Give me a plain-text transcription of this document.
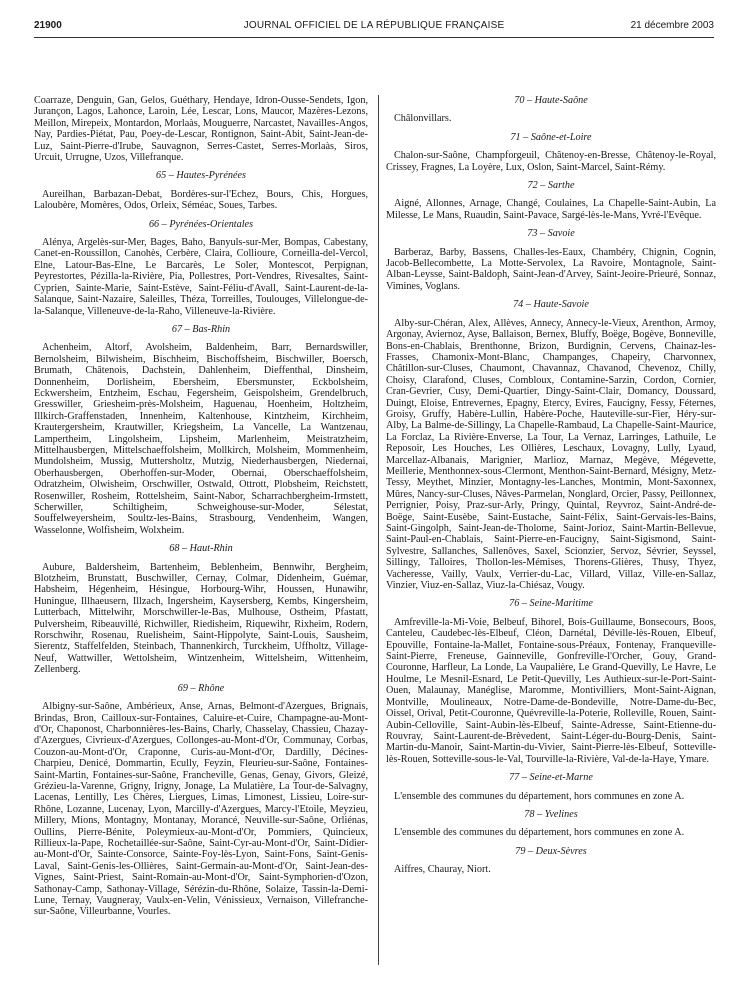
21900	JOURNAL OFFICIEL DE LA RÉPUBLIQUE FRANÇAISE	21 décembre 2003

Coarraze, Denguin, Gan, Gelos, Guéthary, Hendaye, Idron-Ousse-Sendets, Igon, Jurançon, Lagos, Lahonce, Laroin, Lée, Lescar, Lons, Maucor, Mazères-Lezons, Meillon, Mirepeix, Montardon, Morlaàs, Mouguerre, Narcastet, Navailles-Angos, Nay, Pardies-Piétat, Pau, Poey-de-Lescar, Rontignon, Saint-Abit, Saint-Jean-de-Luz, Saint-Pierre-d'Irube, Sauvagnon, Serres-Castet, Serres-Morlaàs, Siros, Urcuit, Urrugne, Uzos, Villefranque.

65 – Hautes-Pyrénées

Aureilhan, Barbazan-Debat, Bordères-sur-l'Echez, Bours, Chis, Horgues, Laloubère, Momères, Odos, Orleix, Séméac, Soues, Tarbes.

66 – Pyrénées-Orientales

Alénya, Argelès-sur-Mer, Bages, Baho, Banyuls-sur-Mer, Bompas, Cabestany, Canet-en-Roussillon, Canohès, Cerbère, Claira, Collioure, Corneilla-del-Vercol, Elne, Latour-Bas-Elne, Le Barcarès, Le Soler, Montescot, Perpignan, Peyrestortes, Pézilla-la-Rivière, Pia, Pollestres, Port-Vendres, Rivesaltes, Saint-Cyprien, Sainte-Marie, Saint-Estève, Saint-Féliu-d'Avall, Saint-Laurent-de-la-Salanque, Saint-Nazaire, Saleilles, Théza, Torreilles, Toulouges, Villelongue-de-la-Salanque, Villeneuve-de-la-Raho, Villeneuve-la-Rivière.

67 – Bas-Rhin

Achenheim, Altorf, Avolsheim, Baldenheim, Barr, Bernardswiller, Bernolsheim, Bilwisheim, Bischheim, Bischoffsheim, Bischwiller, Boersch, Brumath, Châtenois, Dachstein, Dahlenheim, Dieffenthal, Dinsheim, Donnenheim, Dorlisheim, Ebersheim, Ebersmunster, Eckbolsheim, Eckwersheim, Entzheim, Eschau, Fegersheim, Geispolsheim, Grendelbruch, Gresswiller, Griesheim-près-Molsheim, Haguenau, Hoenheim, Holtzheim, Illkirch-Graffenstaden, Innenheim, Kaltenhouse, Kintzheim, Kirchheim, Krautergersheim, Krautwiller, Kriegsheim, La Vancelle, La Wantzenau, Lampertheim, Lingolsheim, Lipsheim, Marlenheim, Meistratzheim, Mittelhausbergen, Mittelschaeffolsheim, Mollkirch, Molsheim, Mommenheim, Mundolsheim, Mussig, Muttersholtz, Mutzig, Niederhausbergen, Niedernai, Oberhausbergen, Oberhoffen-sur-Moder, Obernai, Oberschaeffolsheim, Odratzheim, Olwisheim, Orschwiller, Ostwald, Ottrott, Plobsheim, Reichstett, Rosenwiller, Rosheim, Rottelsheim, Saint-Nabor, Scharrachbergheim-Irmstett, Scherwiller, Schiltigheim, Schweighouse-sur-Moder, Sélestat, Souffelweyersheim, Soultz-les-Bains, Strasbourg, Vendenheim, Wangen, Wasselonne, Wolfisheim, Wolxheim.

68 – Haut-Rhin

Aubure, Baldersheim, Bartenheim, Beblenheim, Bennwihr, Bergheim, Blotzheim, Brunstatt, Buschwiller, Cernay, Colmar, Didenheim, Guémar, Habsheim, Hégenheim, Hésingue, Horbourg-Wihr, Houssen, Hunawihr, Huningue, Illhaeusern, Illzach, Ingersheim, Kaysersberg, Kembs, Kingersheim, Lutterbach, Mittelwihr, Morschwiller-le-Bas, Mulhouse, Ostheim, Pfastatt, Pulversheim, Ribeauvillé, Richwiller, Riedisheim, Riquewihr, Rixheim, Rodern, Rorschwihr, Rosenau, Ruelisheim, Saint-Hippolyte, Saint-Louis, Sausheim, Sierentz, Staffelfelden, Steinbach, Thannenkirch, Turckheim, Uffholtz, Village-Neuf, Wattwiller, Wettolsheim, Wintzenheim, Wittelsheim, Wittenheim, Zellenberg.

69 – Rhône

Albigny-sur-Saône, Ambérieux, Anse, Arnas, Belmont-d'Azergues, Brignais, Brindas, Bron, Cailloux-sur-Fontaines, Caluire-et-Cuire, Champagne-au-Mont-d'Or, Chaponost, Charbonnières-les-Bains, Charly, Chasselay, Chassieu, Chazay-d'Azergues, Civrieux-d'Azergues, Collonges-au-Mont-d'Or, Communay, Corbas, Couzon-au-Mont-d'Or, Craponne, Curis-au-Mont-d'Or, Dardilly, Décines-Charpieu, Denicé, Dommartin, Ecully, Feyzin, Fleurieu-sur-Saône, Fontaines-Saint-Martin, Fontaines-sur-Saône, Francheville, Genas, Genay, Givors, Gleizé, Grézieu-la-Varenne, Grigny, Irigny, Jonage, La Mulatière, La Tour-de-Salvagny, Lacenas, Lentilly, Les Chères, Liergues, Limas, Limonest, Lissieu, Loire-sur-Rhône, Lozanne, Lucenay, Lyon, Marcilly-d'Azergues, Marcy-l'Etoile, Meyzieu, Millery, Mions, Montagny, Montanay, Morancé, Neuville-sur-Saône, Orliénas, Oullins, Pierre-Bénite, Poleymieux-au-Mont-d'Or, Pommiers, Quincieux, Rillieux-la-Pape, Rochetaillée-sur-Saône, Saint-Cyr-au-Mont-d'Or, Saint-Didier-au-Mont-d'Or, Sainte-Consorce, Sainte-Foy-lès-Lyon, Saint-Fons, Saint-Genis-Laval, Saint-Genis-les-Ollières, Saint-Germain-au-Mont-d'Or, Saint-Jean-des-Vignes, Saint-Priest, Saint-Romain-au-Mont-d'Or, Saint-Symphorien-d'Ozon, Sathonay-Camp, Sathonay-Village, Sérézin-du-Rhône, Solaize, Tassin-la-Demi-Lune, Ternay, Vaugneray, Vaulx-en-Velin, Vénissieux, Vernaison, Villefranche-sur-Saône, Villeurbanne, Vourles.

70 – Haute-Saône

Châlonvillars.

71 – Saône-et-Loire

Chalon-sur-Saône, Champforgeuil, Châtenoy-en-Bresse, Châtenoy-le-Royal, Crissey, Fragnes, La Loyère, Lux, Oslon, Saint-Marcel, Saint-Rémy.

72 – Sarthe

Aigné, Allonnes, Arnage, Changé, Coulaines, La Chapelle-Saint-Aubin, La Milesse, Le Mans, Ruaudin, Saint-Pavace, Sargé-lès-le-Mans, Yvré-l'Evêque.

73 – Savoie

Barberaz, Barby, Bassens, Challes-les-Eaux, Chambéry, Chignin, Cognin, Jacob-Bellecombette, La Motte-Servolex, La Ravoire, Montagnole, Saint-Alban-Leysse, Saint-Baldoph, Saint-Jean-d'Arvey, Saint-Jeoire-Prieuré, Sonnaz, Vimines, Voglans.

74 – Haute-Savoie

Alby-sur-Chéran, Alex, Allèves, Annecy, Annecy-le-Vieux, Arenthon, Armoy, Argonay, Aviernoz, Ayse, Ballaison, Bernex, Bluffy, Boëge, Bogève, Bonneville, Bons-en-Chablais, Brenthonne, Brizon, Burdignin, Cervens, Chainaz-les-Frasses, Chamonix-Mont-Blanc, Champanges, Chapeiry, Charvonnex, Châtillon-sur-Cluses, Chaumont, Chavannaz, Chavanod, Chevenoz, Chilly, Choisy, Clarafond, Cluses, Combloux, Contamine-Sarzin, Cordon, Cornier, Cran-Gevrier, Cusy, Demi-Quartier, Dingy-Saint-Clair, Domancy, Doussard, Duingt, Eloise, Entrevernes, Epagny, Etercy, Evires, Faucigny, Fessy, Féternes, Groisy, Gruffy, Habère-Lullin, Habère-Poche, Hauteville-sur-Fier, Héry-sur-Alby, La Balme-de-Sillingy, La Chapelle-Rambaud, La Chapelle-Saint-Maurice, La Forclaz, La Rivière-Enverse, La Tour, La Vernaz, Larringes, Lathuile, Le Reposoir, Les Houches, Les Ollières, Leschaux, Lovagny, Lully, Lyaud, Marcellaz-Albanais, Marignier, Marlioz, Marnaz, Megève, Mégevette, Meillerie, Menthonnex-sous-Clermont, Menthon-Saint-Bernard, Mésigny, Metz-Tessy, Meythet, Minzier, Montagny-les-Lanches, Montmin, Mont-Saxonnex, Mûres, Nancy-sur-Cluses, Nâves-Parmelan, Nonglard, Orcier, Passy, Peillonnex, Perrignier, Poisy, Praz-sur-Arly, Pringy, Quintal, Reyvroz, Saint-André-de-Boëge, Saint-Eusèbe, Saint-Eustache, Saint-Félix, Saint-Gervais-les-Bains, Saint-Gingolph, Saint-Jean-de-Tholome, Saint-Jorioz, Saint-Martin-Bellevue, Saint-Paul-en-Chablais, Saint-Pierre-en-Faucigny, Saint-Sigismond, Saint-Sylvestre, Sallanches, Sallenôves, Saxel, Scionzier, Servoz, Sévrier, Seyssel, Sillingy, Talloires, Thollon-les-Mémises, Thorens-Glières, Thusy, Thyez, Vacheresse, Vailly, Vaulx, Verrier-du-Lac, Villard, Villaz, Ville-en-Sallaz, Vinzier, Viuz-en-Sallaz, Viuz-la-Chiésaz, Vougy.

76 – Seine-Maritime

Amfreville-la-Mi-Voie, Belbeuf, Bihorel, Bois-Guillaume, Bonsecours, Boos, Canteleu, Caudebec-lès-Elbeuf, Cléon, Darnétal, Déville-lès-Rouen, Elbeuf, Epouville, Fontaine-la-Mallet, Fontaine-sous-Préaux, Fontenay, Franqueville-Saint-Pierre, Freneuse, Gainneville, Gonfreville-l'Orcher, Gouy, Grand-Couronne, Harfleur, La Londe, La Vaupalière, Le Grand-Quevilly, Le Havre, Le Houlme, Le Mesnil-Esnard, Le Petit-Quevilly, Les Authieux-sur-le-Port-Saint-Ouen, Malaunay, Manéglise, Maromme, Montivilliers, Mont-Saint-Aignan, Montville, Moulineaux, Notre-Dame-de-Bondeville, Notre-Dame-du-Bec, Oissel, Orival, Petit-Couronne, Quévreville-la-Poterie, Rolleville, Rouen, Saint-Aubin-Celloville, Saint-Aubin-lès-Elbeuf, Sainte-Adresse, Saint-Etienne-du-Rouvray, Saint-Laurent-de-Brèvedent, Saint-Léger-du-Bourg-Denis, Saint-Martin-du-Manoir, Saint-Martin-du-Vivier, Saint-Pierre-lès-Elbeuf, Sotteville-lès-Rouen, Sotteville-sous-le-Val, Tourville-la-Rivière, Val-de-la-Haye, Ymare.

77 – Seine-et-Marne

L'ensemble des communes du département, hors communes en zone A.

78 – Yvelines

L'ensemble des communes du département, hors communes en zone A.

79 – Deux-Sèvres

Aiffres, Chauray, Niort.
